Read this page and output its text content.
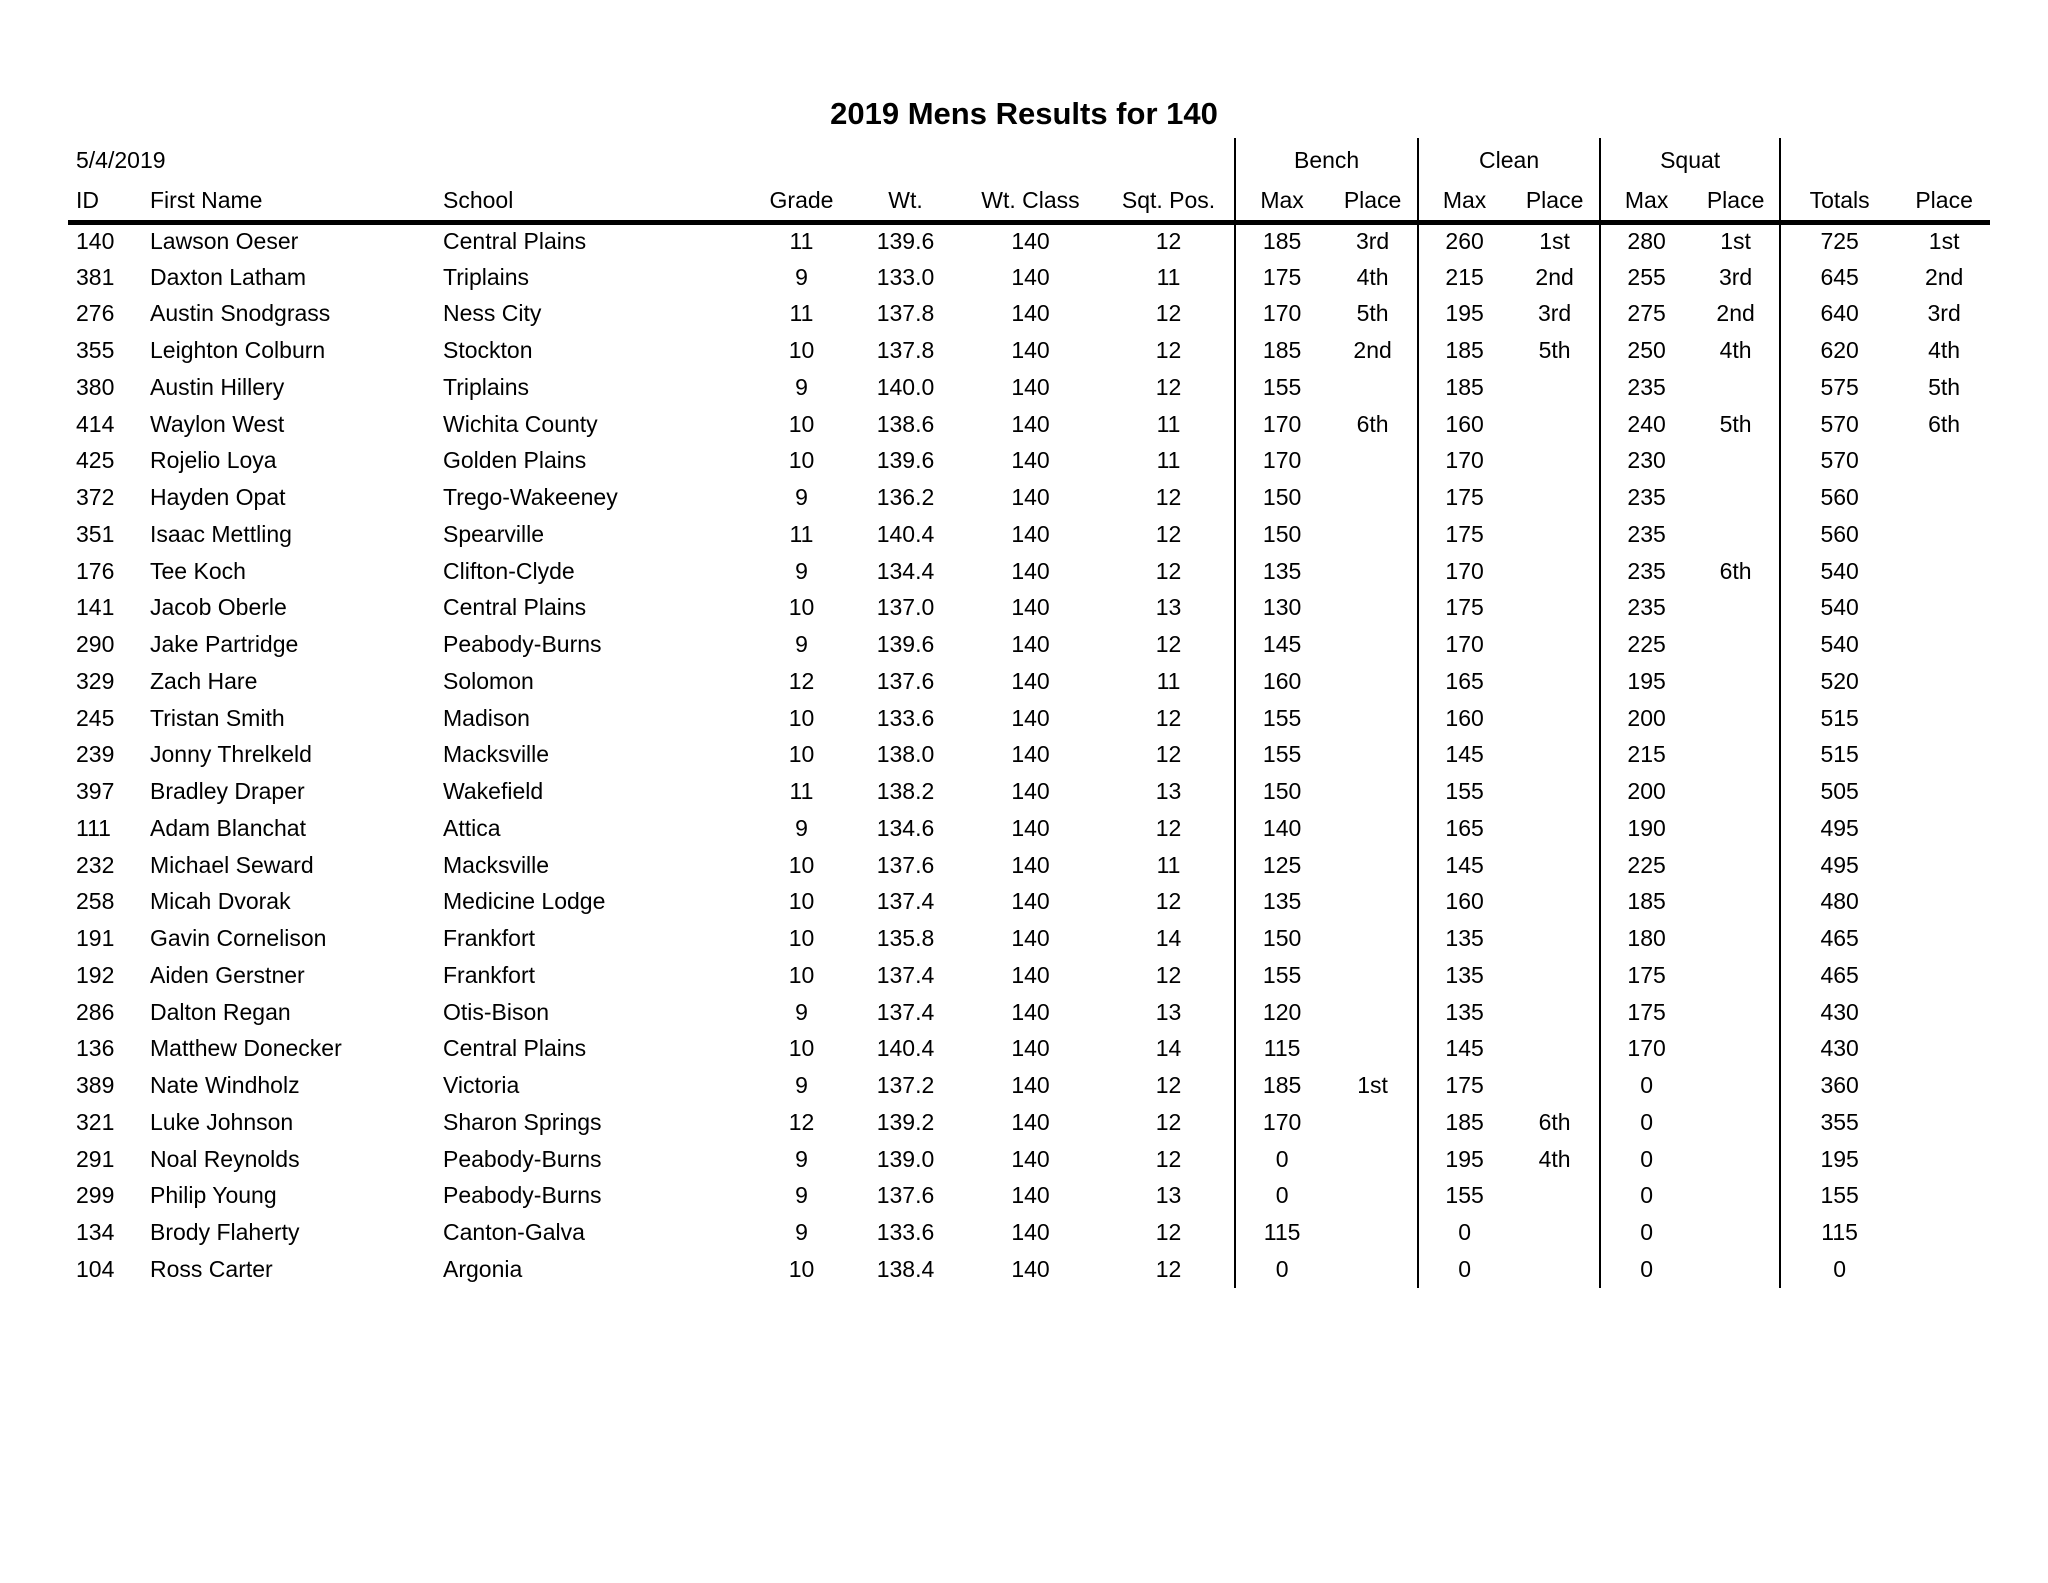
2019 Mens Results for 140
5/4/2019							Bench		Clean		Squat			
ID	First Name	School	Grade	Wt.	Wt. Class	Sqt. Pos.	Max	Place	Max	Place	Max	Place	Totals	Place
140	Lawson Oeser	Central Plains	11	139.6	140	12	185	3rd	260	1st	280	1st	725	1st
381	Daxton Latham	Triplains	9	133.0	140	11	175	4th	215	2nd	255	3rd	645	2nd
276	Austin Snodgrass	Ness City	11	137.8	140	12	170	5th	195	3rd	275	2nd	640	3rd
355	Leighton Colburn	Stockton	10	137.8	140	12	185	2nd	185	5th	250	4th	620	4th
380	Austin Hillery	Triplains	9	140.0	140	12	155		185		235		575	5th
414	Waylon West	Wichita County	10	138.6	140	11	170	6th	160		240	5th	570	6th
425	Rojelio Loya	Golden Plains	10	139.6	140	11	170		170		230		570	
372	Hayden Opat	Trego-Wakeeney	9	136.2	140	12	150		175		235		560	
351	Isaac Mettling	Spearville	11	140.4	140	12	150		175		235		560	
176	Tee Koch	Clifton-Clyde	9	134.4	140	12	135		170		235	6th	540	
141	Jacob Oberle	Central Plains	10	137.0	140	13	130		175		235		540	
290	Jake Partridge	Peabody-Burns	9	139.6	140	12	145		170		225		540	
329	Zach Hare	Solomon	12	137.6	140	11	160		165		195		520	
245	Tristan Smith	Madison	10	133.6	140	12	155		160		200		515	
239	Jonny Threlkeld	Macksville	10	138.0	140	12	155		145		215		515	
397	Bradley Draper	Wakefield	11	138.2	140	13	150		155		200		505	
111	Adam Blanchat	Attica	9	134.6	140	12	140		165		190		495	
232	Michael Seward	Macksville	10	137.6	140	11	125		145		225		495	
258	Micah Dvorak	Medicine Lodge	10	137.4	140	12	135		160		185		480	
191	Gavin Cornelison	Frankfort	10	135.8	140	14	150		135		180		465	
192	Aiden Gerstner	Frankfort	10	137.4	140	12	155		135		175		465	
286	Dalton Regan	Otis-Bison	9	137.4	140	13	120		135		175		430	
136	Matthew Donecker	Central Plains	10	140.4	140	14	115		145		170		430	
389	Nate Windholz	Victoria	9	137.2	140	12	185	1st	175		0		360	
321	Luke Johnson	Sharon Springs	12	139.2	140	12	170		185	6th	0		355	
291	Noal Reynolds	Peabody-Burns	9	139.0	140	12	0		195	4th	0		195	
299	Philip Young	Peabody-Burns	9	137.6	140	13	0		155		0		155	
134	Brody Flaherty	Canton-Galva	9	133.6	140	12	115		0		0		115	
104	Ross Carter	Argonia	10	138.4	140	12	0		0		0		0	
